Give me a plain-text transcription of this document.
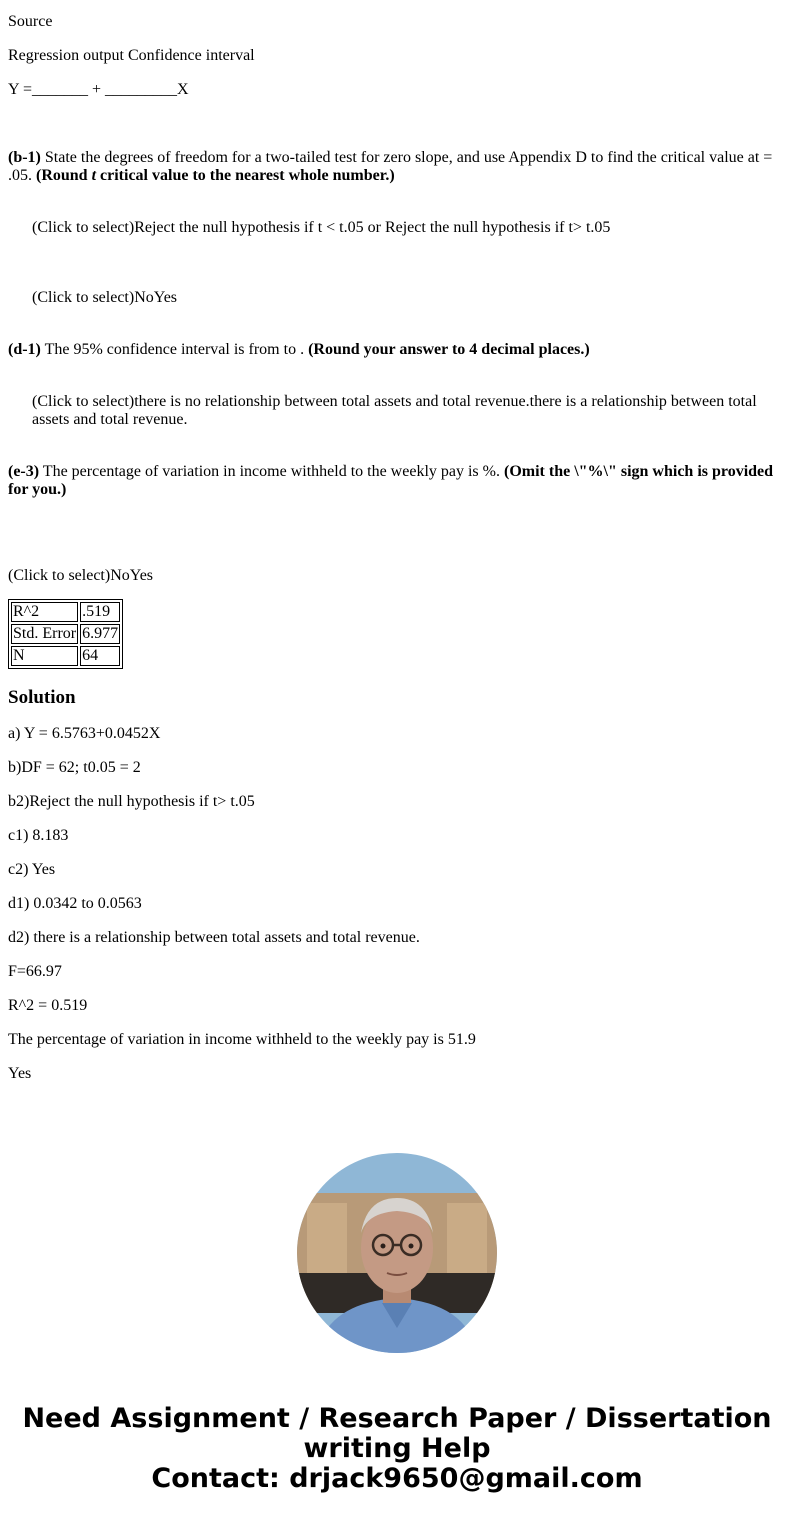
Source

Regression output Confidence interval

Y =_______ + _________X

(b-1) State the degrees of freedom for a two-tailed test for zero slope, and use Appendix D to find the critical value at = .05. (Round t critical value to the nearest whole number.)

(Click to select)Reject the null hypothesis if t < t.05 or Reject the null hypothesis if t> t.05

(Click to select)NoYes

(d-1) The 95% confidence interval is from to . (Round your answer to 4 decimal places.)

(Click to select)there is no relationship between total assets and total revenue.there is a relationship between total assets and total revenue.

(e-3) The percentage of variation in income withheld to the weekly pay is %. (Omit the \"%\" sign which is provided for you.)

(Click to select)NoYes

R^2	.519
Std. Error	6.977
N	64
Solution

a) Y = 6.5763+0.0452X

b)DF = 62; t0.05 = 2

b2)Reject the null hypothesis if t> t.05

c1) 8.183

c2) Yes

d1) 0.0342 to 0.0563

d2) there is a relationship between total assets and total revenue.

F=66.97

R^2 = 0.519

The percentage of variation in income withheld to the weekly pay is 51.9

Yes

Need Assignment / Research Paper / Dissertation
writing Help
Contact: drjack9650@gmail.com
